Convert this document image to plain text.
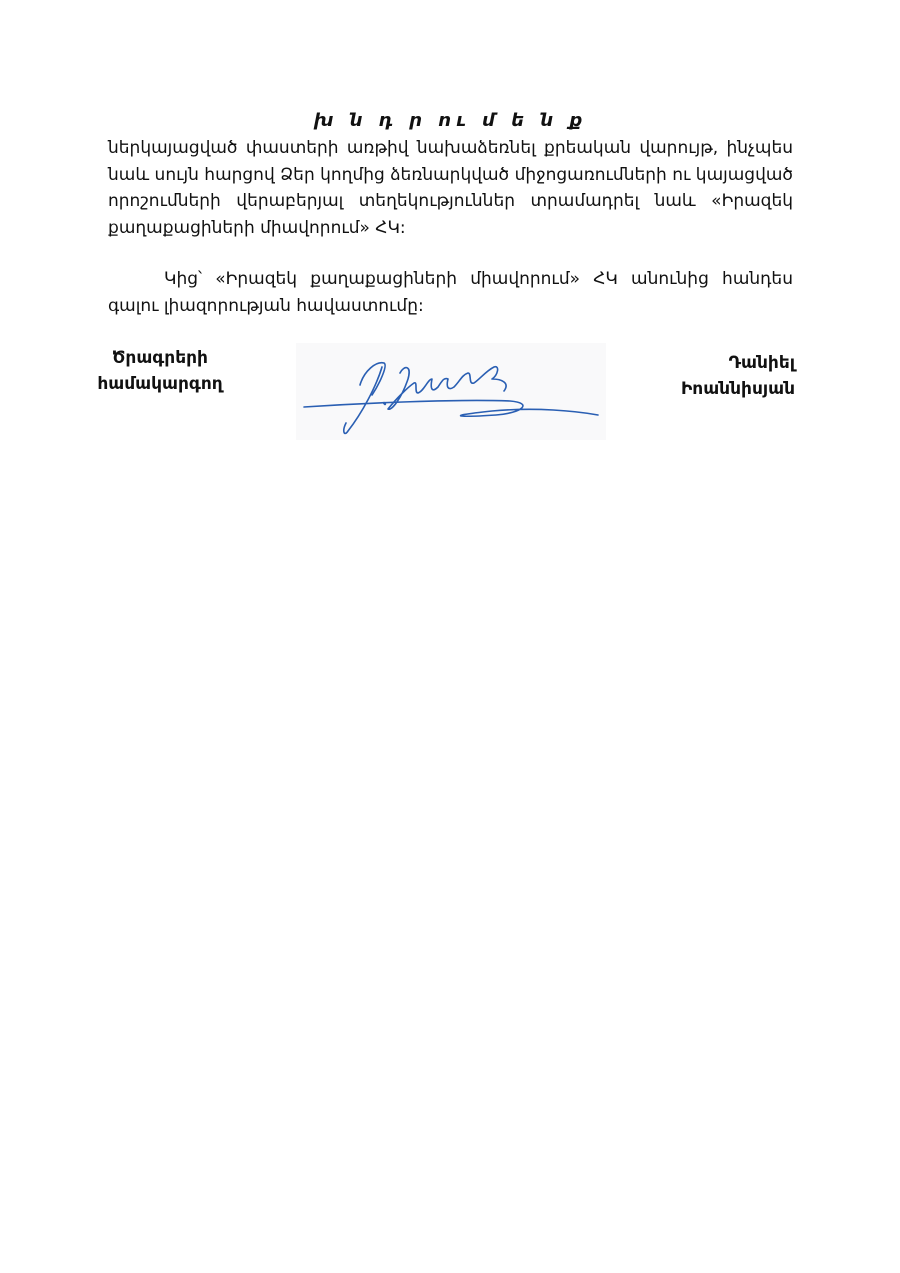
խ ն դ ր ու մ ե ն ք

ներկայացված փաստերի առթիվ նախաձեռնել քրեական վարույթ, ինչպես նաև սույն հարցով Ձեր կողմից ձեռնարկված միջոցառումների ու կայացված որոշումների վերաբերյալ տեղեկություններ տրամադրել նաև «Իրազեկ քաղաքացիների միավորում» ՀԿ:

Կից՝ «Իրազեկ քաղաքացիների միավորում» ՀԿ անունից հանդես գալու լիազորության հավաստումը:

Ծրագրերի
համակարգող
Դանիել
Իոաննիսյան
